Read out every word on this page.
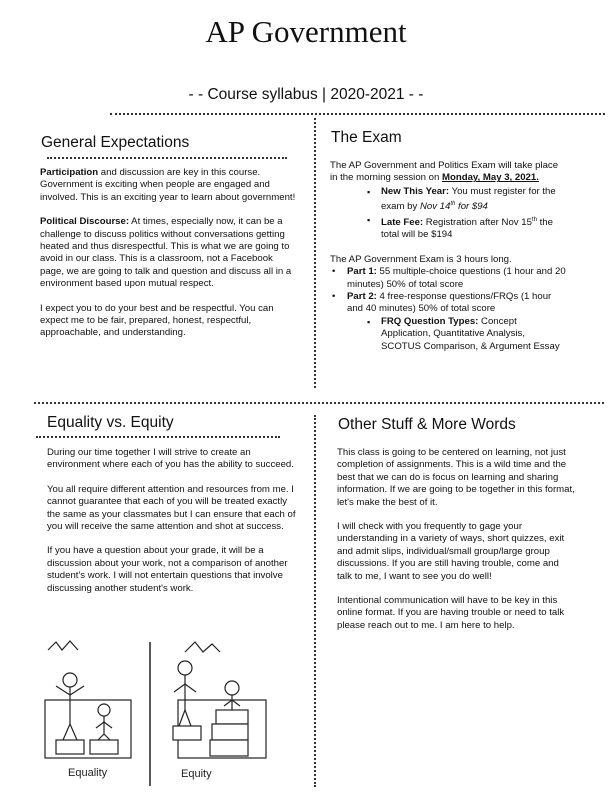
AP Government
- - Course syllabus | 2020-2021 - -
General Expectations

Participation and discussion are key in this course. Government is exciting when people are engaged and involved. This is an exciting year to learn about government!

Political Discourse: At times, especially now, it can be a challenge to discuss politics without conversations getting heated and thus disrespectful. This is what we are going to avoid in our class. This is a classroom, not a Facebook page, we are going to talk and question and discuss all in a environment based upon mutual respect.

I expect you to do your best and be respectful. You can expect me to be fair, prepared, honest, respectful, approachable, and understanding.

The Exam

The AP Government and Politics Exam will take place in the morning session on Monday, May 3, 2021.

▪ New This Year: You must register for the exam by Nov 14th for $94
▪ Late Fee: Registration after Nov 15th the total will be $194

The AP Government Exam is 3 hours long.

• Part 1: 55 multiple-choice questions (1 hour and 20 minutes) 50% of total score
• Part 2: 4 free-response questions/FRQs (1 hour and 40 minutes) 50% of total score
▪ FRQ Question Types: Concept Application, Quantitative Analysis, SCOTUS Comparison, & Argument Essay
Equality vs. Equity

During our time together I will strive to create an environment where each of you has the ability to succeed.

You all require different attention and resources from me. I cannot guarantee that each of you will be treated exactly the same as your classmates but I can ensure that each of you will receive the same attention and shot at success.

If you have a question about your grade, it will be a discussion about your work, not a comparison of another student's work. I will not entertain questions that involve discussing another student's work.

Equality	Equity
Other Stuff & More Words

This class is going to be centered on learning, not just completion of assignments. This is a wild time and the best that we can do is focus on learning and sharing information. If we are going to be together in this format, let's make the best of it.

I will check with you frequently to gage your understanding in a variety of ways, short quizzes, exit and admit slips, individual/small group/large group discussions. If you are still having trouble, come and talk to me, I want to see you do well!

Intentional communication will have to be key in this online format. If you are having trouble or need to talk please reach out to me. I am here to help.
